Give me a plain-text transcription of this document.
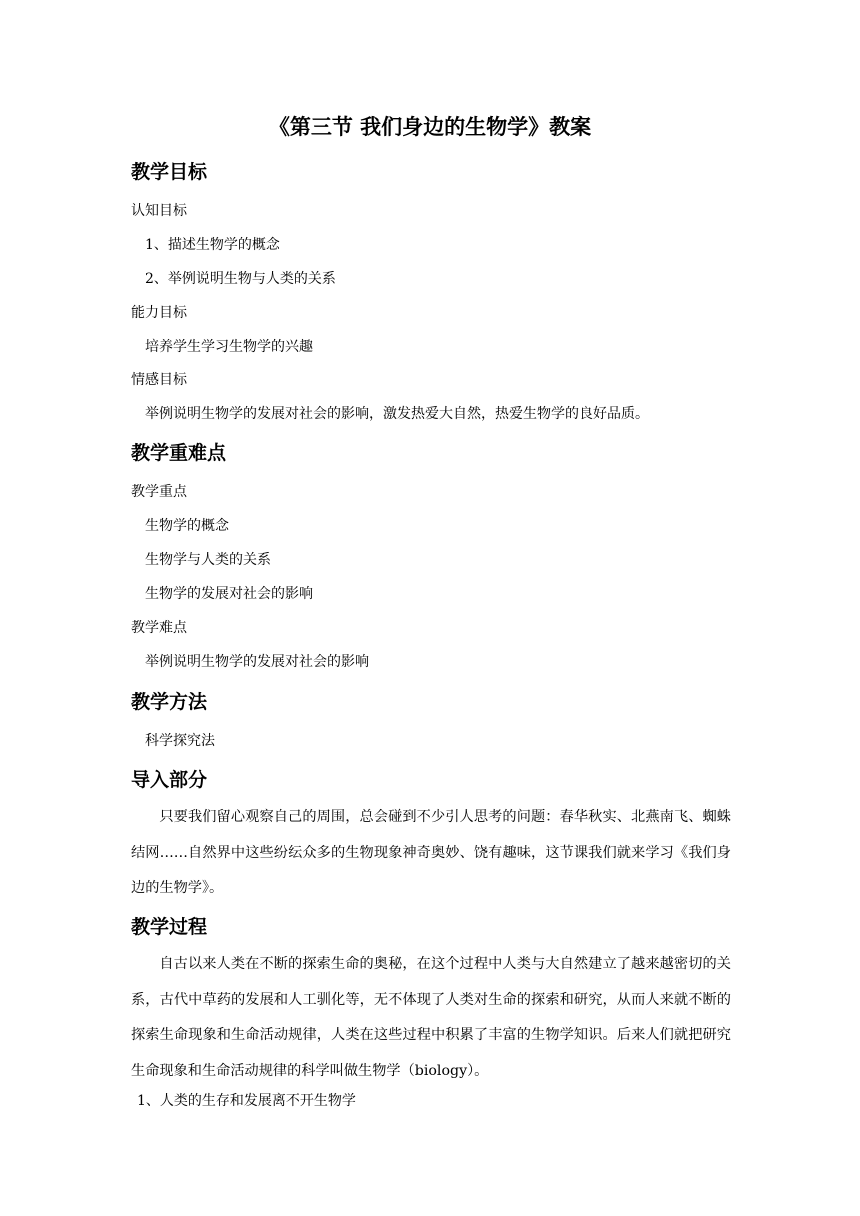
《第三节 我们身边的生物学》教案
教学目标
认知目标
1、描述生物学的概念
2、举例说明生物与人类的关系
能力目标
培养学生学习生物学的兴趣
情感目标
举例说明生物学的发展对社会的影响，激发热爱大自然，热爱生物学的良好品质。
教学重难点
教学重点
生物学的概念
生物学与人类的关系
生物学的发展对社会的影响
教学难点
举例说明生物学的发展对社会的影响
教学方法
科学探究法
导入部分
只要我们留心观察自己的周围，总会碰到不少引人思考的问题：春华秋实、北燕南飞、蜘蛛结网……自然界中这些纷纭众多的生物现象神奇奥妙、饶有趣味，这节课我们就来学习《我们身边的生物学》。
教学过程
自古以来人类在不断的探索生命的奥秘，在这个过程中人类与大自然建立了越来越密切的关系，古代中草药的发展和人工驯化等，无不体现了人类对生命的探索和研究，从而人来就不断的探索生命现象和生命活动规律，人类在这些过程中积累了丰富的生物学知识。后来人们就把研究生命现象和生命活动规律的科学叫做生物学（biology）。
1、人类的生存和发展离不开生物学
